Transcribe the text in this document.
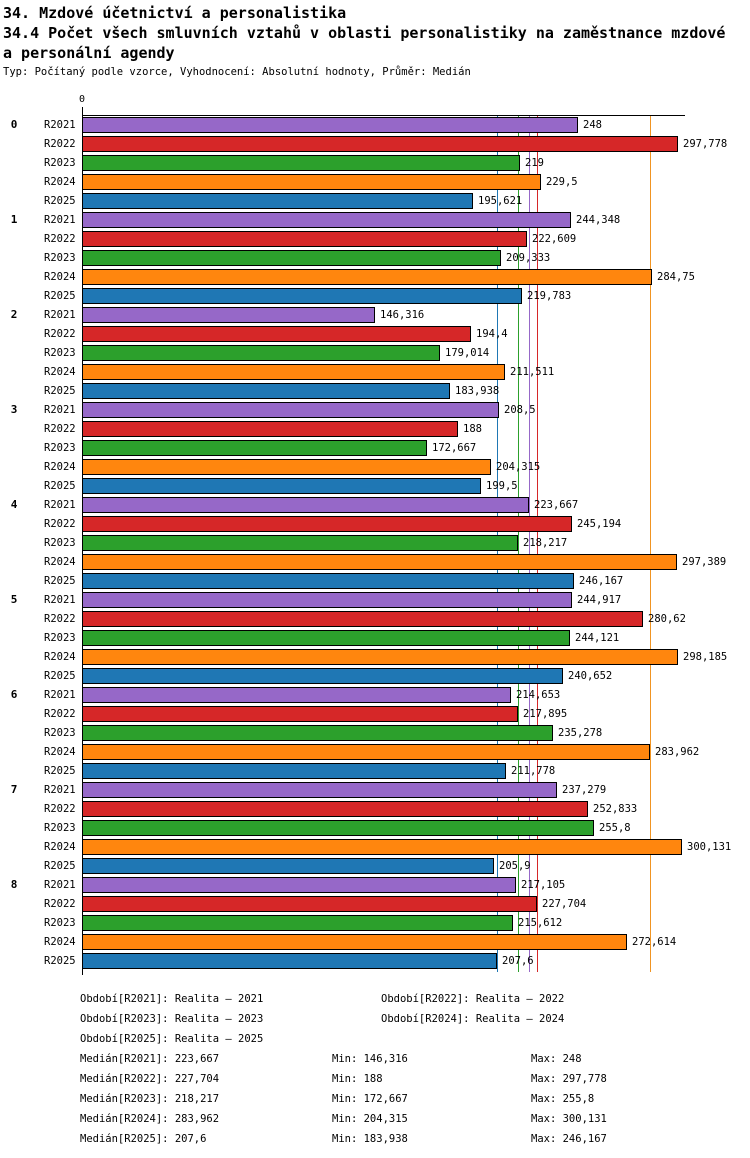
34. Mzdové účetnictví a personalistika
34.4 Počet všech smluvních vztahů v oblasti personalistiky na zaměstnance mzdové
a personální agendy
Typ: Počítaný podle vzorce, Vyhodnocení: Absolutní hodnoty, Průměr: Medián
0
0	R2021	248
R2022	297,778
R2023	219
R2024	229,5
R2025	195,621
1	R2021	244,348
R2022	222,609
R2023	209,333
R2024	284,75
R2025	219,783
2	R2021	146,316
R2022	194,4
R2023	179,014
R2024	211,511
R2025	183,938
3	R2021	208,5
R2022	188
R2023	172,667
R2024	204,315
R2025	199,5
4	R2021	223,667
R2022	245,194
R2023	218,217
R2024	297,389
R2025	246,167
5	R2021	244,917
R2022	280,62
R2023	244,121
R2024	298,185
R2025	240,652
6	R2021	214,653
R2022	217,895
R2023	235,278
R2024	283,962
R2025	211,778
7	R2021	237,279
R2022	252,833
R2023	255,8
R2024	300,131
R2025	205,9
8	R2021	217,105
R2022	227,704
R2023	215,612
R2024	272,614
R2025	207,6
Období[R2021]: Realita – 2021	Období[R2022]: Realita – 2022
Období[R2023]: Realita – 2023	Období[R2024]: Realita – 2024
Období[R2025]: Realita – 2025
Medián[R2021]: 223,667	Min: 146,316	Max: 248
Medián[R2022]: 227,704	Min: 188	Max: 297,778
Medián[R2023]: 218,217	Min: 172,667	Max: 255,8
Medián[R2024]: 283,962	Min: 204,315	Max: 300,131
Medián[R2025]: 207,6	Min: 183,938	Max: 246,167
